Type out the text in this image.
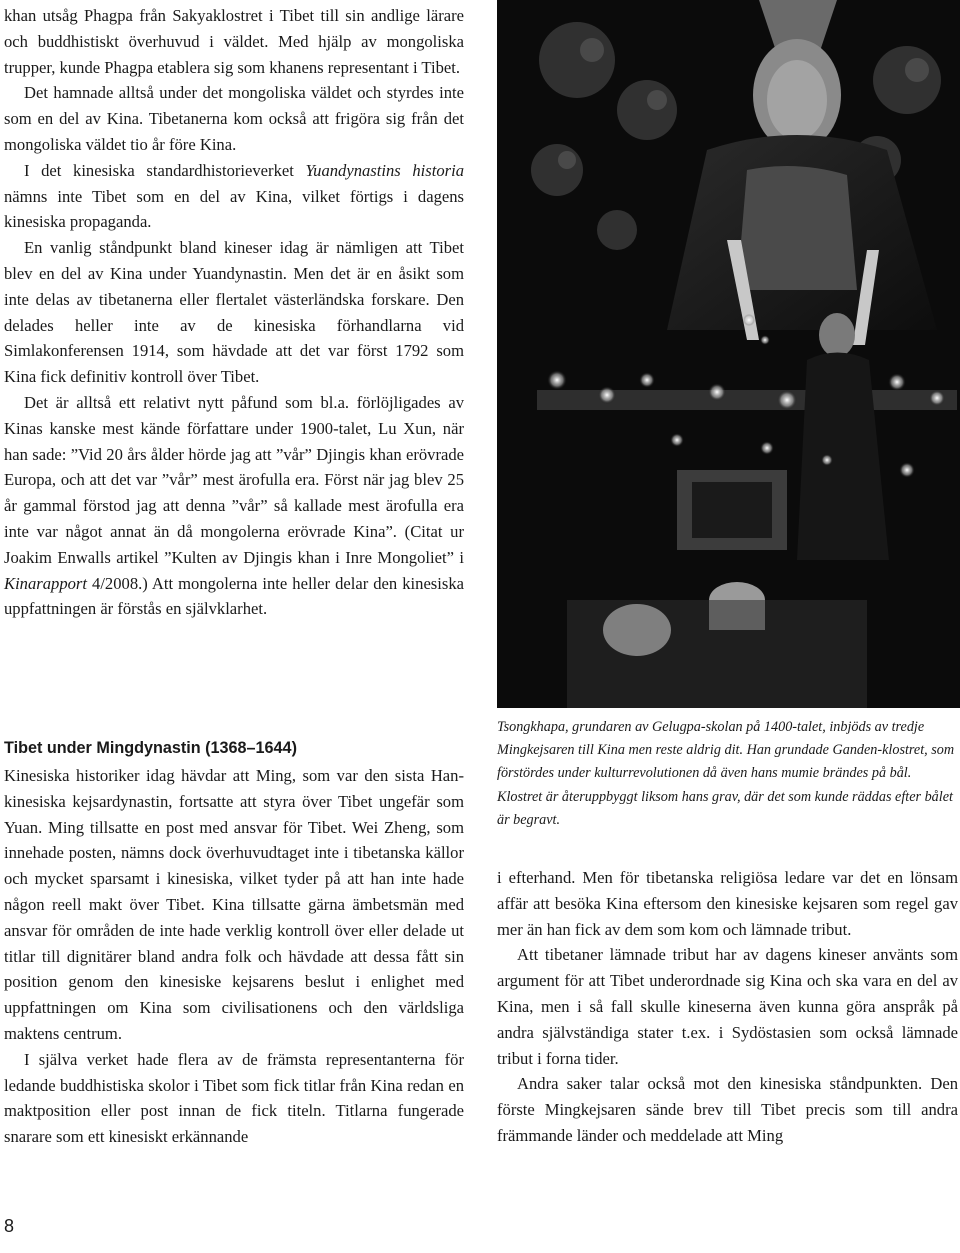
khan utsåg Phagpa från Sakyaklostret i Tibet till sin andlige lärare och buddhistiskt överhuvud i väldet. Med hjälp av mongoliska trupper, kunde Phagpa etablera sig som khanens representant i Tibet.

Det hamnade alltså under det mongoliska väldet och styrdes inte som en del av Kina. Tibetanerna kom också att frigöra sig från det mongoliska väldet tio år före Kina.

I det kinesiska standardhistorieverket Yuandynastins historia nämns inte Tibet som en del av Kina, vilket förtigs i dagens kinesiska propaganda.

En vanlig ståndpunkt bland kineser idag är nämligen att Tibet blev en del av Kina under Yuandynastin. Men det är en åsikt som inte delas av tibetanerna eller flertalet västerländska forskare. Den delades heller inte av de kinesiska förhandlarna vid Simlakonferensen 1914, som hävdade att det var först 1792 som Kina fick definitiv kontroll över Tibet.

Det är alltså ett relativt nytt påfund som bl.a. förlöjligades av Kinas kanske mest kände författare under 1900-talet, Lu Xun, när han sade: ”Vid 20 års ålder hörde jag att ”vår” Djingis khan erövrade Europa, och att det var ”vår” mest ärofulla era. Först när jag blev 25 år gammal förstod jag att denna ”vår” så kallade mest ärofulla era inte var något annat än då mongolerna erövrade Kina”. (Citat ur Joakim Enwalls artikel ”Kulten av Djingis khan i Inre Mongoliet” i Kinarapport 4/2008.) Att mongolerna inte heller delar den kinesiska uppfattningen är förstås en självklarhet.

Tibet under Mingdynastin (1368–1644)

Kinesiska historiker idag hävdar att Ming, som var den sista Han-kinesiska kejsardynastin, fortsatte att styra över Tibet ungefär som Yuan. Ming tillsatte en post med ansvar för Tibet. Wei Zheng, som innehade posten, nämns dock överhuvudtaget inte i tibetanska källor och mycket sparsamt i kinesiska, vilket tyder på att han inte hade någon reell makt över Tibet. Kina tillsatte gärna ämbetsmän med ansvar för områden de inte hade verklig kontroll över eller delade ut titlar till dignitärer bland andra folk och hävdade att dessa fått sin position genom den kinesiske kejsarens beslut i enlighet med uppfattningen om Kina som civilisationens och den världsliga maktens centrum.

I själva verket hade flera av de främsta representanterna för ledande buddhistiska skolor i Tibet som fick titlar från Kina redan en maktposition eller post innan de fick titeln. Titlarna fungerade snarare som ett kinesiskt erkännande

Tsongkhapa, grundaren av Gelugpa-skolan på 1400-talet, inbjöds av tredje Mingkejsaren till Kina men reste aldrig dit. Han grundade Ganden-klostret, som förstördes under kulturrevolutionen då även hans mumie brändes på bål. Klostret är återuppbyggt liksom hans grav, där det som kunde räddas efter bålet är begravt.

i efterhand. Men för tibetanska religiösa ledare var det en lönsam affär att besöka Kina eftersom den kinesiske kejsaren som regel gav mer än han fick av dem som kom och lämnade tribut.

Att tibetaner lämnade tribut har av dagens kineser använts som argument för att Tibet underordnade sig Kina och ska vara en del av Kina, men i så fall skulle kineserna även kunna göra anspråk på andra självständiga stater t.ex. i Sydöstasien som också lämnade tribut i forna tider.

Andra saker talar också mot den kinesiska ståndpunkten. Den förste Mingkejsaren sände brev till Tibet precis som till andra främmande länder och meddelade att Ming

8
